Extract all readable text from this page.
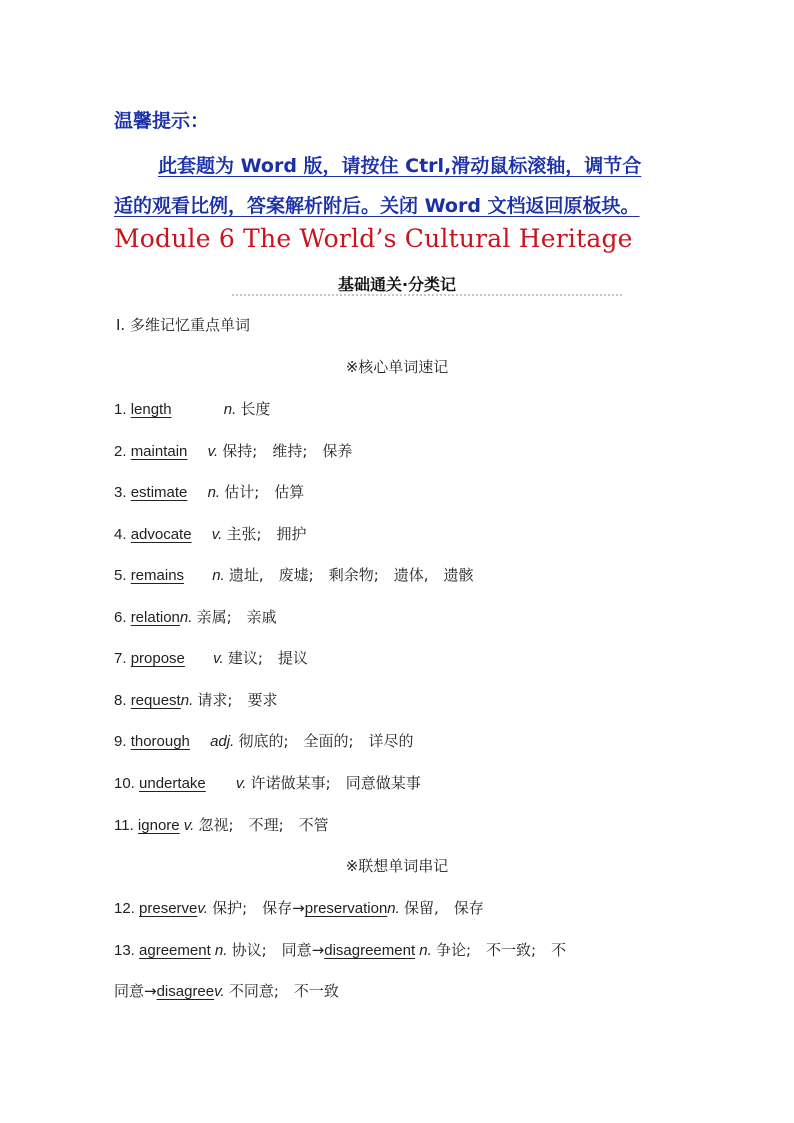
温馨提示：
此套题为 Word 版，请按住 Ctrl,滑动鼠标滚轴，调节合
适的观看比例，答案解析附后。关闭 Word 文档返回原板块。
Module 6 The World’s Cultural Heritage
基础通关·分类记
Ⅰ. 多维记忆重点单词
※核心单词速记
1. length	n. 长度
2. maintain v. 保持;　维持;　保养
3. estimate n. 估计;　估算
4. advocate v. 主张;　拥护
5. remains n. 遗址,　废墟;　剩余物;　遗体,　遗骸
6. relationn. 亲属;　亲戚
7. propose v. 建议;　提议
8. requestn. 请求;　要求
9. thorough adj. 彻底的;　全面的;　详尽的
10. undertake v. 许诺做某事;　同意做某事
11. ignore v. 忽视;　不理;　不管
※联想单词串记
12. preservev. 保护;　保存→preservationn. 保留,　保存
13. agreement n. 协议;　同意→disagreement n. 争论;　不一致;　不
同意→disagreev. 不同意;　不一致
